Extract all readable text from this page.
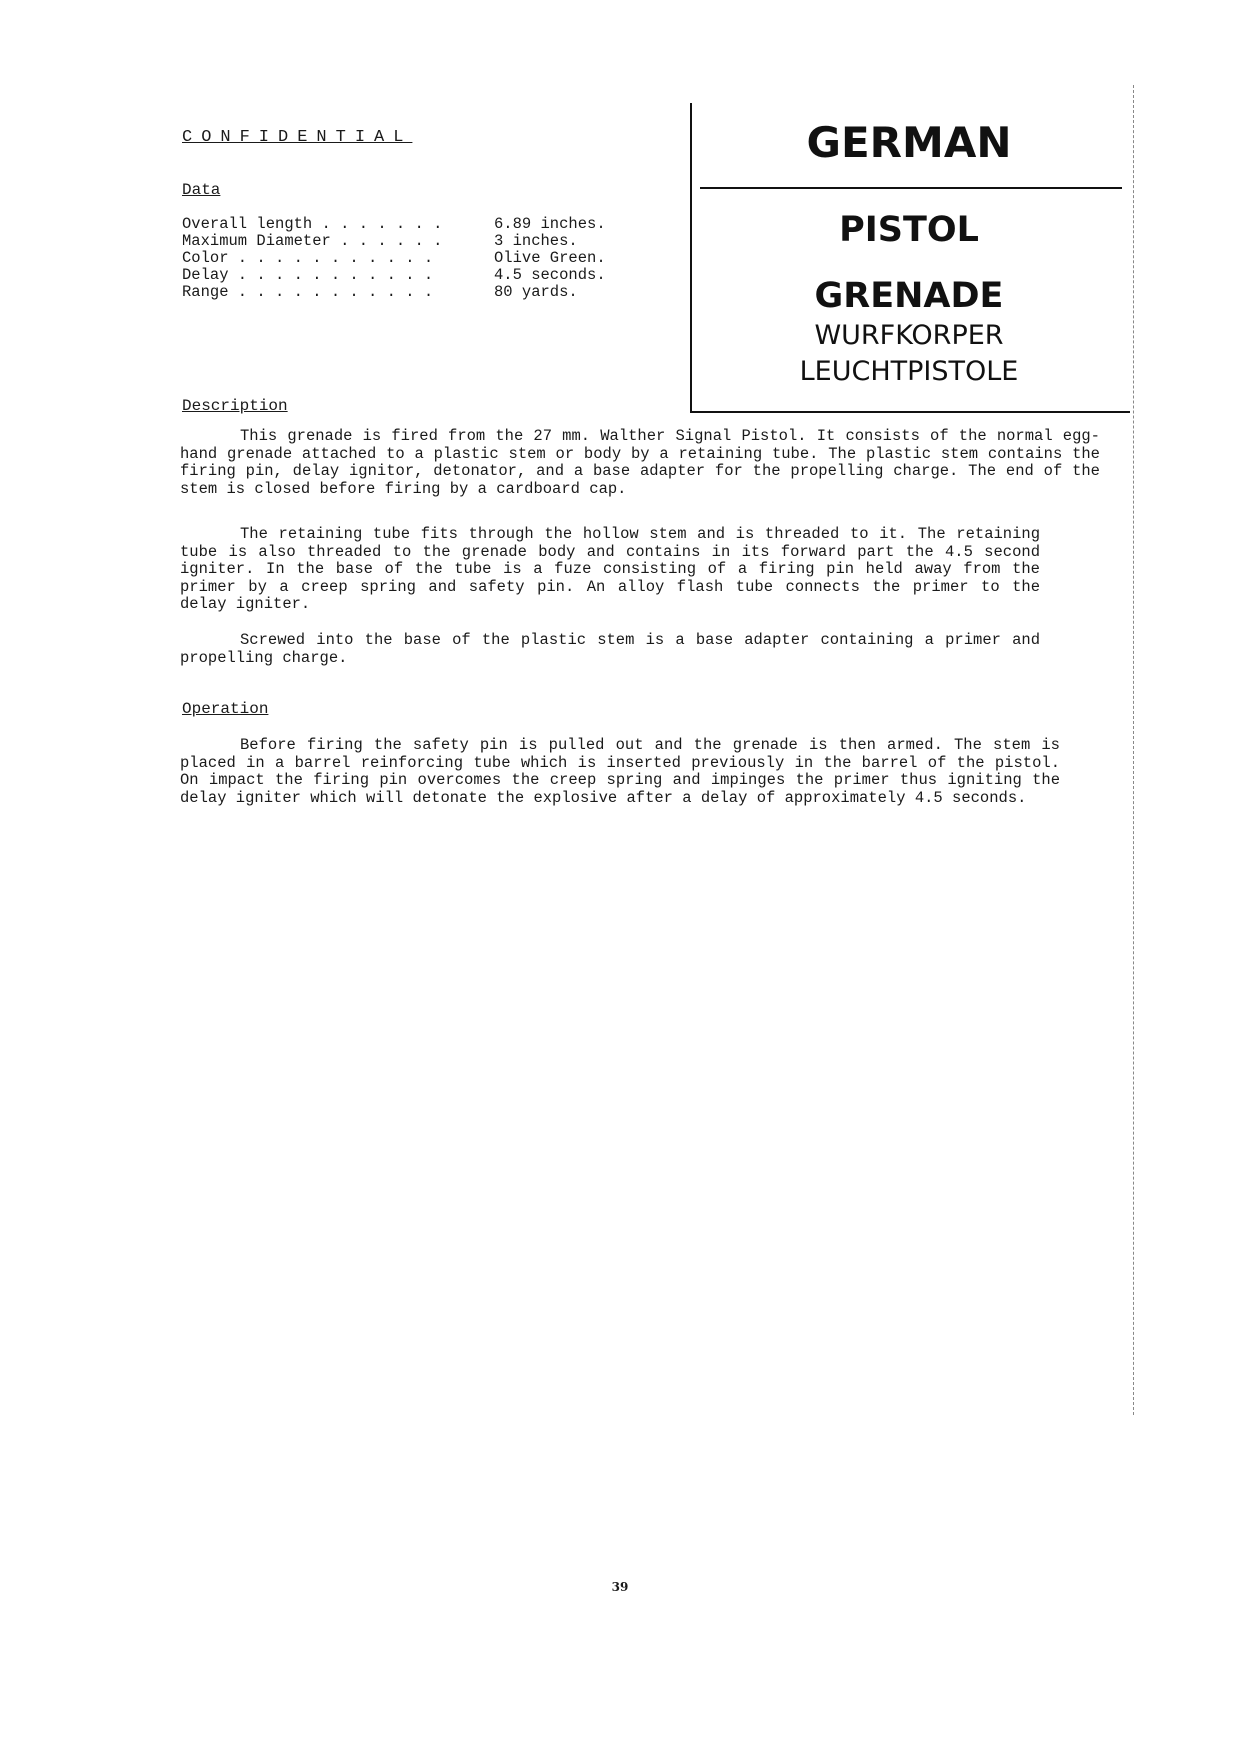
CONFIDENTIAL
Data
Overall length . . . . . . .	6.89 inches.
Maximum Diameter . . . . . .	3 inches.
Color . . . . . . . . . . .	Olive Green.
Delay . . . . . . . . . . .	4.5 seconds.
Range . . . . . . . . . . .	80 yards.
GERMAN
PISTOL
GRENADE
WURFKORPER
LEUCHTPISTOLE
Description

This grenade is fired from the 27 mm. Walther Signal Pistol. It consists of the normal egg-hand grenade attached to a plastic stem or body by a retaining tube. The plastic stem contains the firing pin, delay ignitor, detonator, and a base adapter for the propelling charge. The end of the stem is closed before firing by a cardboard cap.

The retaining tube fits through the hollow stem and is threaded to it. The retaining tube is also threaded to the grenade body and contains in its forward part the 4.5 second igniter. In the base of the tube is a fuze consisting of a firing pin held away from the primer by a creep spring and safety pin. An alloy flash tube connects the primer to the delay igniter.

Screwed into the base of the plastic stem is a base adapter containing a primer and propelling charge.

Operation

Before firing the safety pin is pulled out and the grenade is then armed. The stem is placed in a barrel reinforcing tube which is inserted previously in the barrel of the pistol. On impact the firing pin overcomes the creep spring and impinges the primer thus igniting the delay igniter which will detonate the explosive after a delay of approximately 4.5 seconds.

39
